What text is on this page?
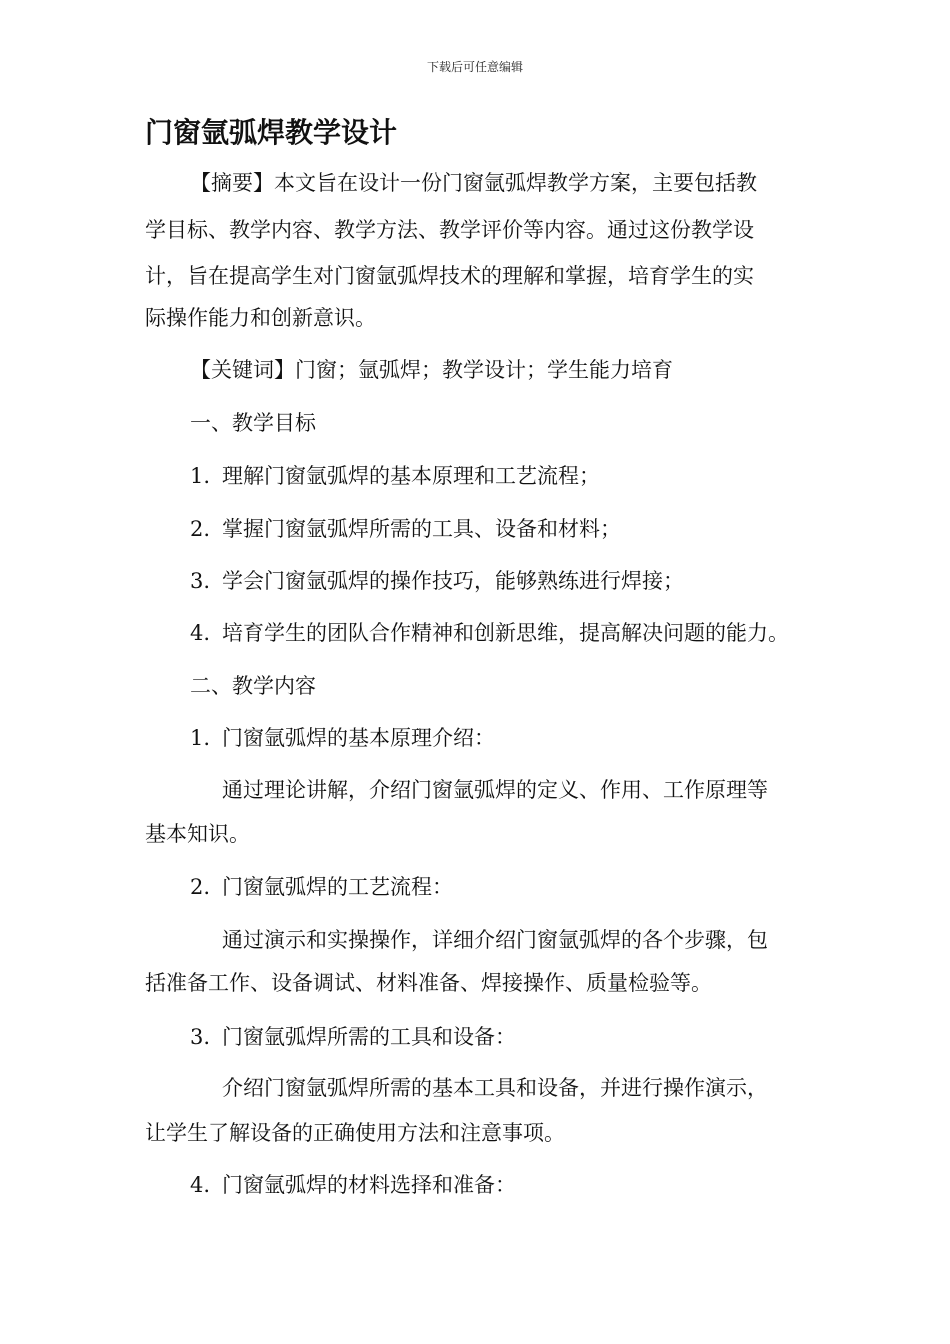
下载后可任意编辑
门窗氩弧焊教学设计

【摘要】本文旨在设计一份门窗氩弧焊教学方案，主要包括教

学目标、教学内容、教学方法、教学评价等内容。通过这份教学设

计，旨在提高学生对门窗氩弧焊技术的理解和掌握，培育学生的实

际操作能力和创新意识。

【关键词】门窗；氩弧焊；教学设计；学生能力培育

一、教学目标

1. 理解门窗氩弧焊的基本原理和工艺流程；

2. 掌握门窗氩弧焊所需的工具、设备和材料；

3. 学会门窗氩弧焊的操作技巧，能够熟练进行焊接；

4. 培育学生的团队合作精神和创新思维，提高解决问题的能力。

二、教学内容

1. 门窗氩弧焊的基本原理介绍：

通过理论讲解，介绍门窗氩弧焊的定义、作用、工作原理等

基本知识。

2. 门窗氩弧焊的工艺流程：

通过演示和实操操作，详细介绍门窗氩弧焊的各个步骤，包

括准备工作、设备调试、材料准备、焊接操作、质量检验等。

3. 门窗氩弧焊所需的工具和设备：

介绍门窗氩弧焊所需的基本工具和设备，并进行操作演示，

让学生了解设备的正确使用方法和注意事项。

4. 门窗氩弧焊的材料选择和准备：
